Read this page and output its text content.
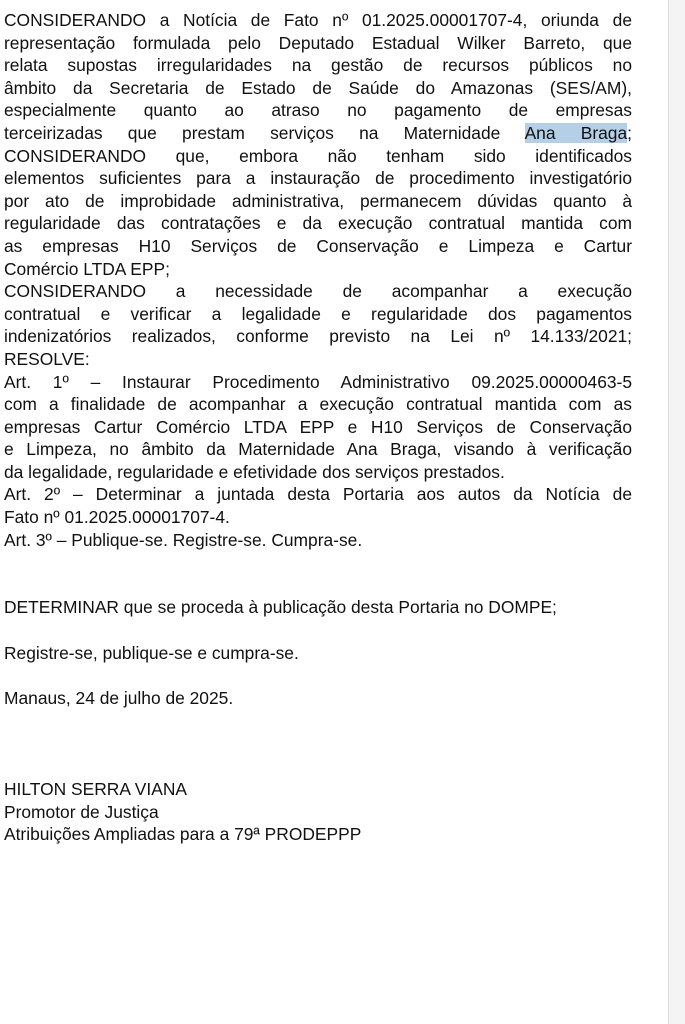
CONSIDERANDO a Notícia de Fato nº 01.2025.00001707-4, oriunda de

representação formulada pelo Deputado Estadual Wilker Barreto, que

relata supostas irregularidades na gestão de recursos públicos no

âmbito da Secretaria de Estado de Saúde do Amazonas (SES/AM),

especialmente quanto ao atraso no pagamento de empresas

terceirizadas que prestam serviços na Maternidade Ana Braga;

CONSIDERANDO que, embora não tenham sido identificados

elementos suficientes para a instauração de procedimento investigatório

por ato de improbidade administrativa, permanecem dúvidas quanto à

regularidade das contratações e da execução contratual mantida com

as empresas H10 Serviços de Conservação e Limpeza e Cartur

Comércio LTDA EPP;

CONSIDERANDO a necessidade de acompanhar a execução

contratual e verificar a legalidade e regularidade dos pagamentos

indenizatórios realizados, conforme previsto na Lei nº 14.133/2021;

RESOLVE:

Art. 1º – Instaurar Procedimento Administrativo 09.2025.00000463-5

com a finalidade de acompanhar a execução contratual mantida com as

empresas Cartur Comércio LTDA EPP e H10 Serviços de Conservação

e Limpeza, no âmbito da Maternidade Ana Braga, visando à verificação

da legalidade, regularidade e efetividade dos serviços prestados.

Art. 2º – Determinar a juntada desta Portaria aos autos da Notícia de

Fato nº 01.2025.00001707-4.

Art. 3º – Publique-se. Registre-se. Cumpra-se.

DETERMINAR que se proceda à publicação desta Portaria no DOMPE;

Registre-se, publique-se e cumpra-se.

Manaus, 24 de julho de 2025.

HILTON SERRA VIANA

Promotor de Justiça

Atribuições Ampliadas para a 79ª PRODEPPP
